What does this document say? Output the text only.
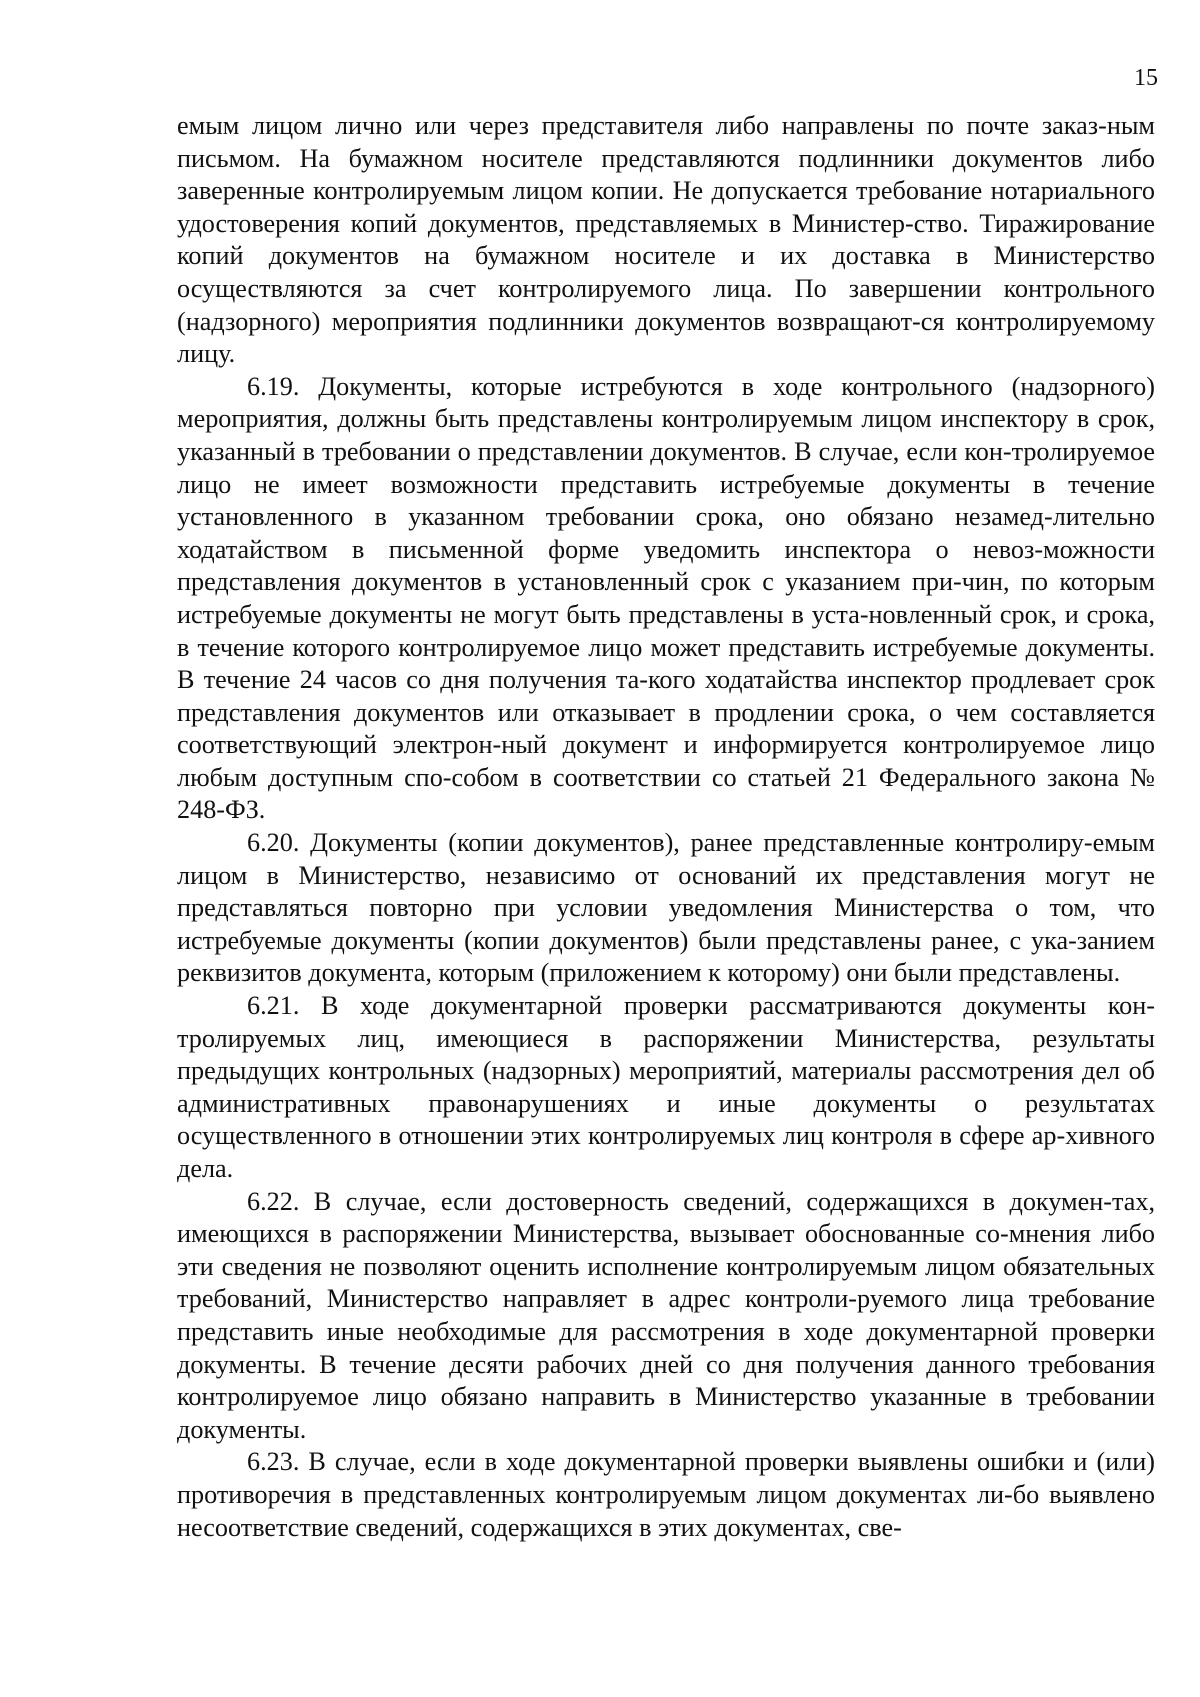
15

емым лицом лично или через представителя либо направлены по почте заказ-ным письмом. На бумажном носителе представляются подлинники документов либо заверенные контролируемым лицом копии. Не допускается требование нотариального удостоверения копий документов, представляемых в Министер-ство. Тиражирование копий документов на бумажном носителе и их доставка в Министерство осуществляются за счет контролируемого лица. По завершении контрольного (надзорного) мероприятия подлинники документов возвращают-ся контролируемому лицу.

6.19. Документы, которые истребуются в ходе контрольного (надзорного) мероприятия, должны быть представлены контролируемым лицом инспектору в срок, указанный в требовании о представлении документов. В случае, если кон-тролируемое лицо не имеет возможности представить истребуемые документы в течение установленного в указанном требовании срока, оно обязано незамед-лительно ходатайством в письменной форме уведомить инспектора о невоз-можности представления документов в установленный срок с указанием при-чин, по которым истребуемые документы не могут быть представлены в уста-новленный срок, и срока, в течение которого контролируемое лицо может представить истребуемые документы. В течение 24 часов со дня получения та-кого ходатайства инспектор продлевает срок представления документов или отказывает в продлении срока, о чем составляется соответствующий электрон-ный документ и информируется контролируемое лицо любым доступным спо-собом в соответствии со статьей 21 Федерального закона № 248-ФЗ.

6.20. Документы (копии документов), ранее представленные контролиру-емым лицом в Министерство, независимо от оснований их представления могут не представляться повторно при условии уведомления Министерства о том, что истребуемые документы (копии документов) были представлены ранее, с ука-занием реквизитов документа, которым (приложением к которому) они были представлены.

6.21. В ходе документарной проверки рассматриваются документы кон-тролируемых лиц, имеющиеся в распоряжении Министерства, результаты предыдущих контрольных (надзорных) мероприятий, материалы рассмотрения дел об административных правонарушениях и иные документы о результатах осуществленного в отношении этих контролируемых лиц контроля в сфере ар-хивного дела.

6.22. В случае, если достоверность сведений, содержащихся в докумен-тах, имеющихся в распоряжении Министерства, вызывает обоснованные со-мнения либо эти сведения не позволяют оценить исполнение контролируемым лицом обязательных требований, Министерство направляет в адрес контроли-руемого лица требование представить иные необходимые для рассмотрения в ходе документарной проверки документы. В течение десяти рабочих дней со дня получения данного требования контролируемое лицо обязано направить в Министерство указанные в требовании документы.

6.23. В случае, если в ходе документарной проверки выявлены ошибки и (или) противоречия в представленных контролируемым лицом документах ли-бо выявлено несоответствие сведений, содержащихся в этих документах, све-
